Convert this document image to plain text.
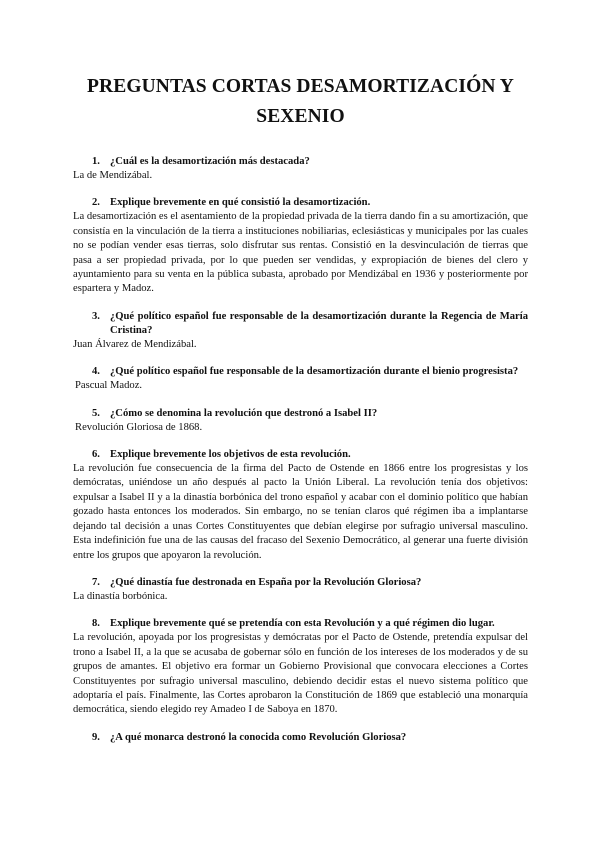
PREGUNTAS CORTAS DESAMORTIZACIÓN Y
SEXENIO

1. ¿Cuál es la desamortización más destacada?

La de Mendizábal.

2. Explique brevemente en qué consistió la desamortización.

La desamortización es el asentamiento de la propiedad privada de la tierra dando fin a su amortización, que consistía en la vinculación de la tierra a instituciones nobiliarias, eclesiásticas y municipales por las cuales no se podían vender esas tierras, solo disfrutar sus rentas. Consistió en la desvinculación de tierras que pasa a ser propiedad privada, por lo que pueden ser vendidas, y expropiación de bienes del clero y ayuntamiento para su venta en la pública subasta, aprobado por Mendizábal en 1936 y posteriormente por espartera y Madoz.

3. ¿Qué político español fue responsable de la desamortización durante la Regencia de María Cristina?

Juan Álvarez de Mendizábal.

4. ¿Qué político español fue responsable de la desamortización durante el bienio progresista?

Pascual Madoz.

5. ¿Cómo se denomina la revolución que destronó a Isabel II?

Revolución Gloriosa de 1868.

6. Explique brevemente los objetivos de esta revolución.

La revolución fue consecuencia de la firma del Pacto de Ostende en 1866 entre los progresistas y los demócratas, uniéndose un año después al pacto la Unión Liberal. La revolución tenía dos objetivos: expulsar a Isabel II y a la dinastía borbónica del trono español y acabar con el dominio político que habían gozado hasta entonces los moderados. Sin embargo, no se tenían claros qué régimen iba a implantarse dejando tal decisión a unas Cortes Constituyentes que debían elegirse por sufragio universal masculino. Esta indefinición fue una de las causas del fracaso del Sexenio Democrático, al generar una fuerte división entre los grupos que apoyaron la revolución.

7. ¿Qué dinastía fue destronada en España por la Revolución Gloriosa?

La dinastía borbónica.

8. Explique brevemente qué se pretendía con esta Revolución y a qué régimen dio lugar.

La revolución, apoyada por los progresistas y demócratas por el Pacto de Ostende, pretendía expulsar del trono a Isabel II, a la que se acusaba de gobernar sólo en función de los intereses de los moderados y de su grupos de amantes. El objetivo era formar un Gobierno Provisional que convocara elecciones a Cortes Constituyentes por sufragio universal masculino, debiendo decidir estas el nuevo sistema político que adoptaría el país. Finalmente, las Cortes aprobaron la Constitución de 1869 que estableció una monarquía democrática, siendo elegido rey Amadeo I de Saboya en 1870.

9. ¿A qué monarca destronó la conocida como Revolución Gloriosa?
